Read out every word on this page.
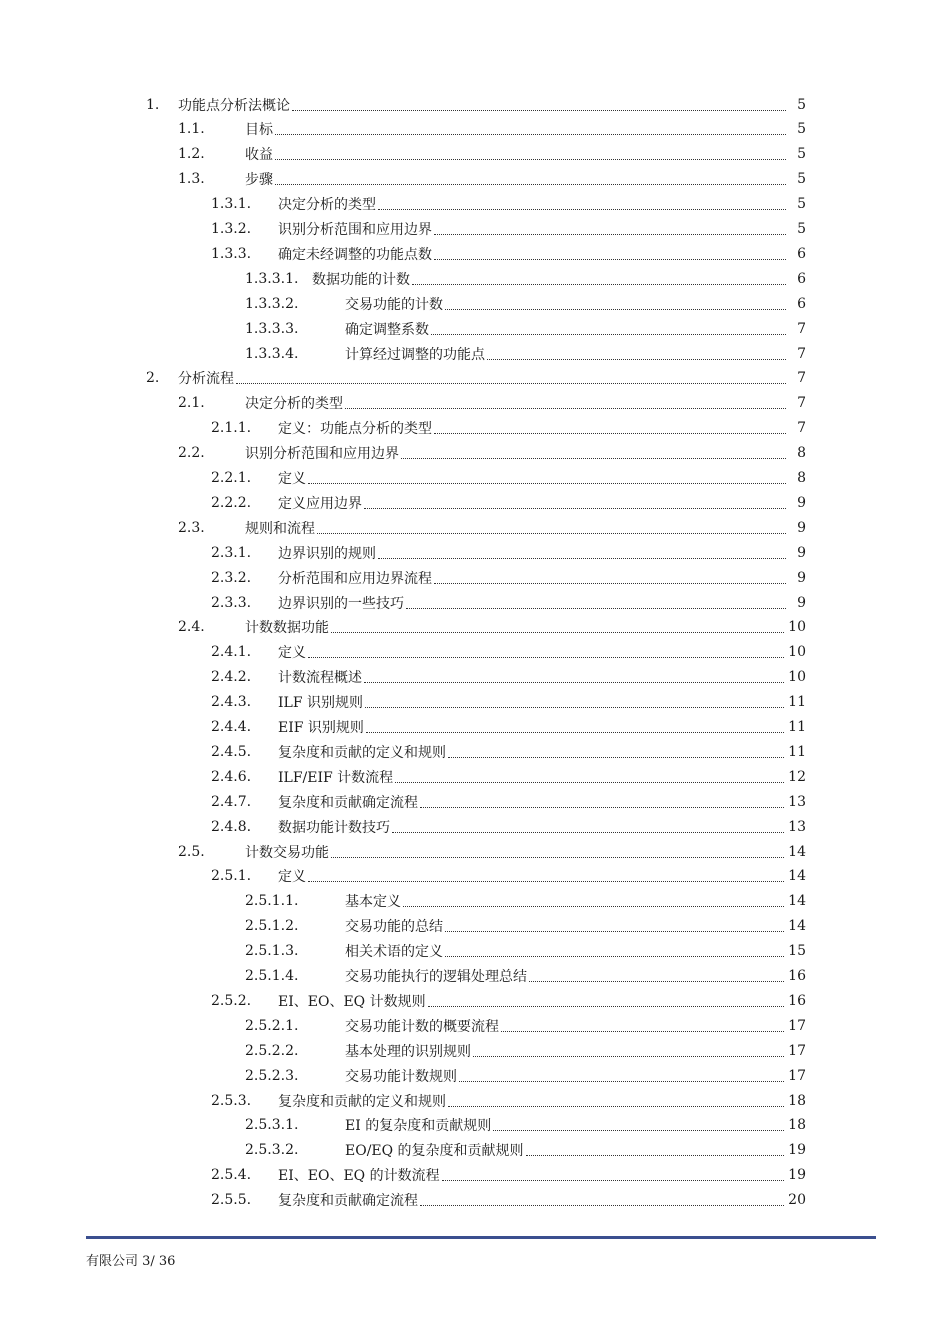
1.	功能点分析法概论	5
1.1.	目标	5
1.2.	收益	5
1.3.	步骤	5
1.3.1.	决定分析的类型	5
1.3.2.	识别分析范围和应用边界	5
1.3.3.	确定未经调整的功能点数	6
1.3.3.1. 数据功能的计数	6
1.3.3.2.	交易功能的计数	6
1.3.3.3.	确定调整系数	7
1.3.3.4.	计算经过调整的功能点	7
2.	分析流程	7
2.1.	决定分析的类型	7
2.1.1.	定义：功能点分析的类型	7
2.2.	识别分析范围和应用边界	8
2.2.1.	定义	8
2.2.2.	定义应用边界	9
2.3.	规则和流程	9
2.3.1.	边界识别的规则	9
2.3.2.	分析范围和应用边界流程	9
2.3.3.	边界识别的一些技巧	9
2.4.	计数数据功能	10
2.4.1.	定义	10
2.4.2.	计数流程概述	10
2.4.3.	ILF 识别规则	11
2.4.4.	EIF 识别规则	11
2.4.5.	复杂度和贡献的定义和规则	11
2.4.6.	ILF/EIF 计数流程	12
2.4.7.	复杂度和贡献确定流程	13
2.4.8.	数据功能计数技巧	13
2.5.	计数交易功能	14
2.5.1.	定义	14
2.5.1.1.	基本定义	14
2.5.1.2.	交易功能的总结	14
2.5.1.3.	相关术语的定义	15
2.5.1.4.	交易功能执行的逻辑处理总结	16
2.5.2.	EI、EO、EQ 计数规则	16
2.5.2.1.	交易功能计数的概要流程	17
2.5.2.2.	基本处理的识别规则	17
2.5.2.3.	交易功能计数规则	17
2.5.3.	复杂度和贡献的定义和规则	18
2.5.3.1.	EI 的复杂度和贡献规则	18
2.5.3.2.	EO/EQ 的复杂度和贡献规则	19
2.5.4.	EI、EO、EQ 的计数流程	19
2.5.5.	复杂度和贡献确定流程	20
有限公司 3/ 36
